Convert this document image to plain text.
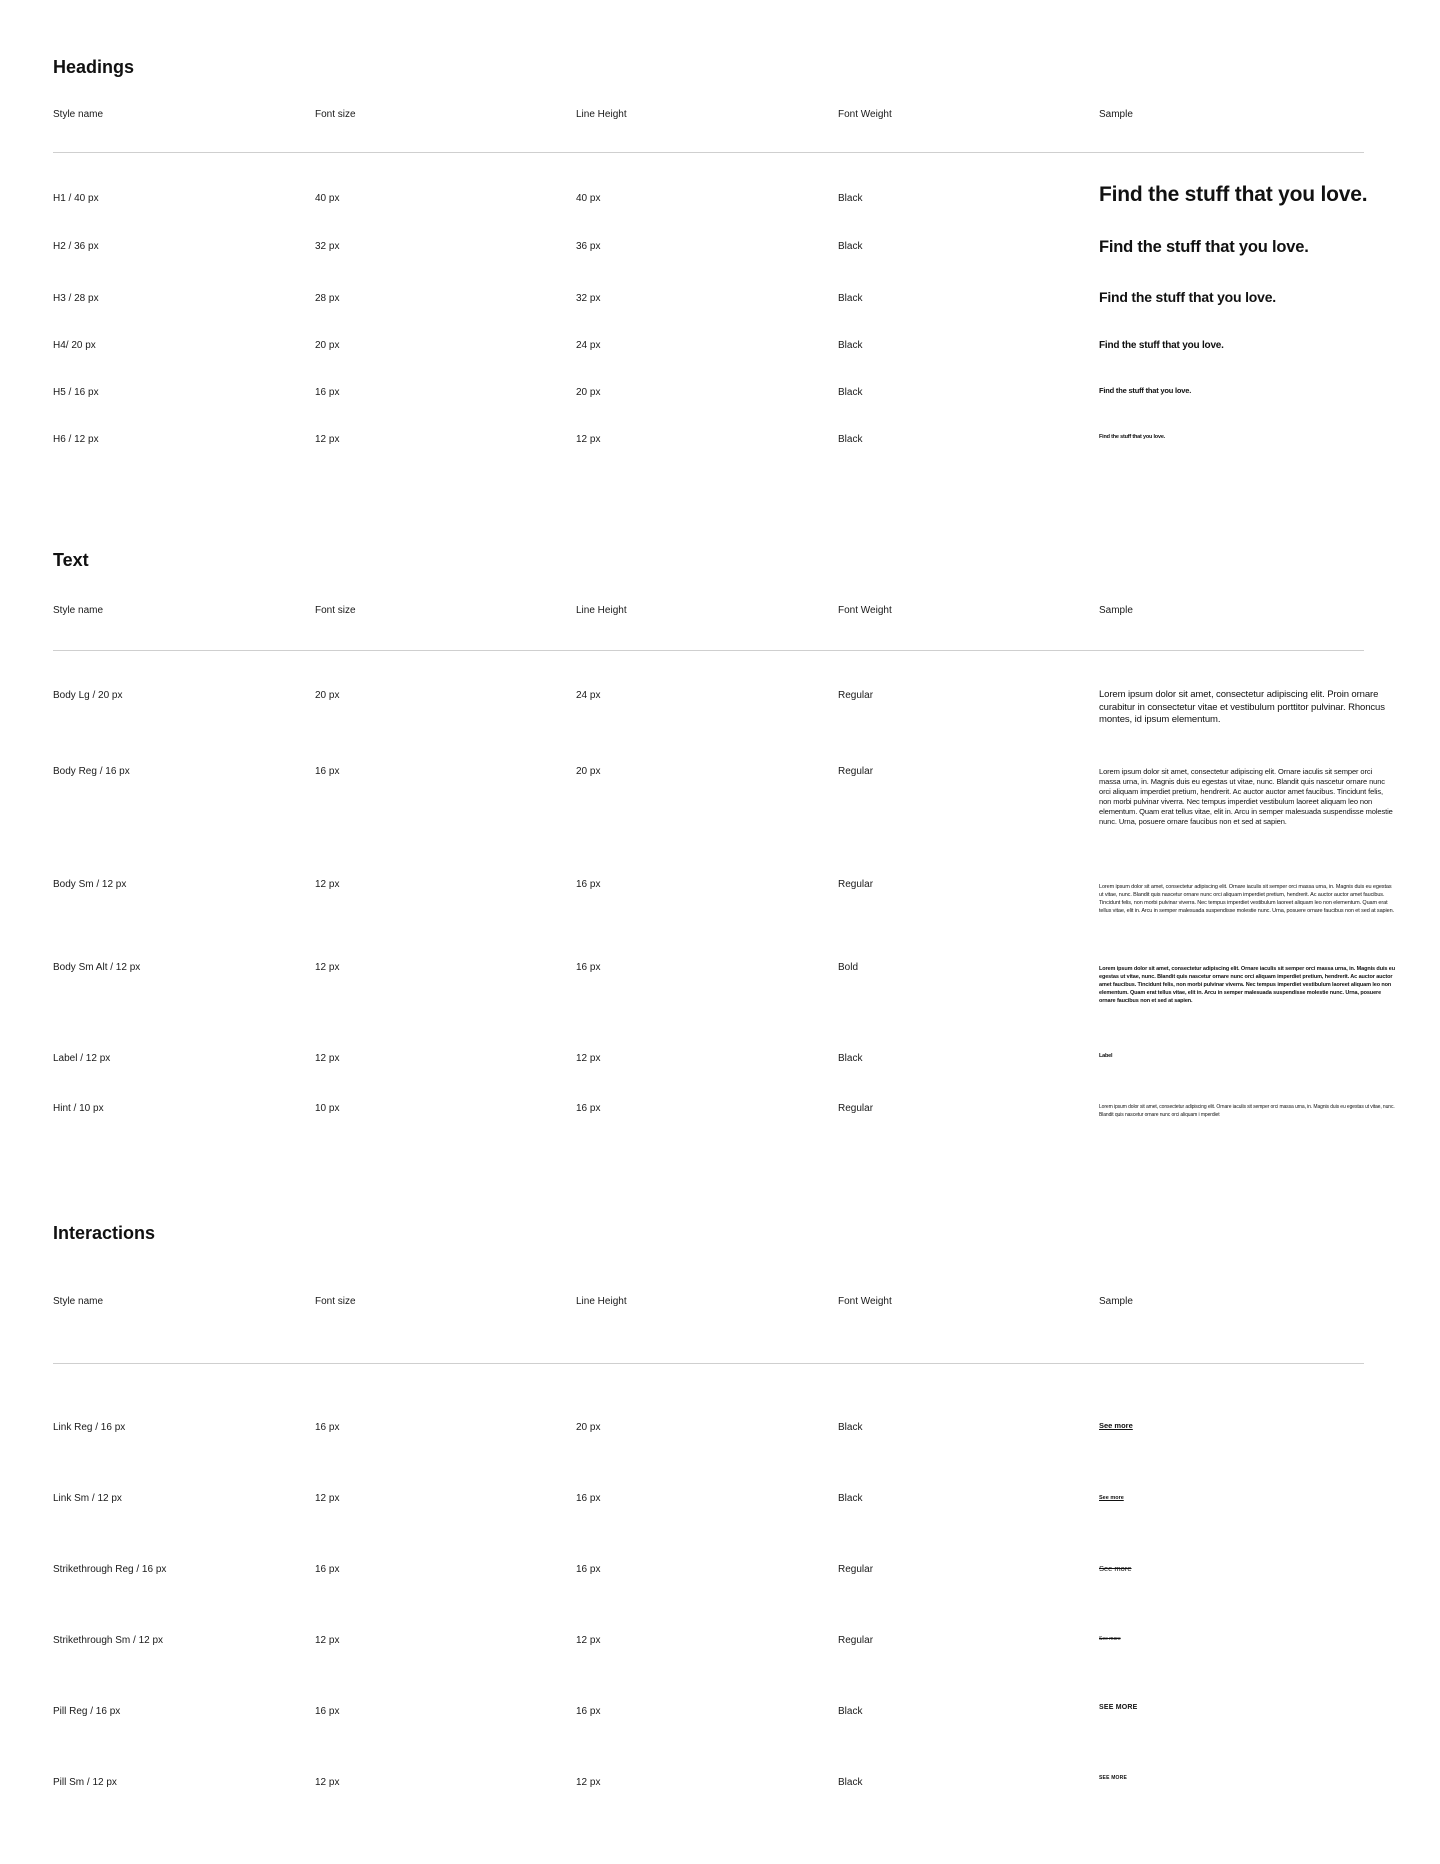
Headings
Style name	Font size	Line Height	Font Weight	Sample
H1 / 40 px	40 px	40 px	Black	Find the stuff that you love.
H2 / 36 px	32 px	36 px	Black	Find the stuff that you love.
H3 / 28 px	28 px	32 px	Black	Find the stuff that you love.
H4/ 20 px	20 px	24 px	Black	Find the stuff that you love.
H5 / 16 px	16 px	20 px	Black	Find the stuff that you love.
H6 / 12 px	12 px	12 px	Black	Find the stuff that you love.
Text
Style name	Font size	Line Height	Font Weight	Sample
Body Lg / 20 px	20 px	24 px	Regular	Lorem ipsum dolor sit amet, consectetur adipiscing elit. Proin ornare curabitur in consectetur vitae et vestibulum porttitor pulvinar. Rhoncus montes, id ipsum elementum.
Body Reg / 16 px	16 px	20 px	Regular	Lorem ipsum dolor sit amet, consectetur adipiscing elit. Ornare iaculis sit semper orci massa urna, in. Magnis duis eu egestas ut vitae, nunc. Blandit quis nascetur ornare nunc orci aliquam imperdiet pretium, hendrerit. Ac auctor auctor amet faucibus. Tincidunt felis, non morbi pulvinar viverra. Nec tempus imperdiet vestibulum laoreet aliquam leo non elementum. Quam erat tellus vitae, elit in. Arcu in semper malesuada suspendisse molestie nunc. Urna, posuere ornare faucibus non et sed at sapien.
Body Sm / 12 px	12 px	16 px	Regular	Lorem ipsum dolor sit amet, consectetur adipiscing elit. Ornare iaculis sit semper orci massa urna, in. Magnis duis eu egestas ut vitae, nunc. Blandit quis nascetur ornare nunc orci aliquam imperdiet pretium, hendrerit. Ac auctor auctor amet faucibus. Tincidunt felis, non morbi pulvinar viverra. Nec tempus imperdiet vestibulum laoreet aliquam leo non elementum. Quam erat tellus vitae, elit in. Arcu in semper malesuada suspendisse molestie nunc. Urna, posuere ornare faucibus non et sed at sapien.
Body Sm Alt / 12 px	12 px	16 px	Bold	Lorem ipsum dolor sit amet, consectetur adipiscing elit. Ornare iaculis sit semper orci massa urna, in. Magnis duis eu egestas ut vitae, nunc. Blandit quis nascetur ornare nunc orci aliquam imperdiet pretium, hendrerit. Ac auctor auctor amet faucibus. Tincidunt felis, non morbi pulvinar viverra. Nec tempus imperdiet vestibulum laoreet aliquam leo non elementum. Quam erat tellus vitae, elit in. Arcu in semper malesuada suspendisse molestie nunc. Urna, posuere ornare faucibus non et sed at sapien.
Label / 12 px	12 px	12 px	Black	Label
Hint / 10 px	10 px	16 px	Regular	Lorem ipsum dolor sit amet, consectetur adipiscing elit. Ornare iaculis sit semper orci massa urna, in. Magnis duis eu egestas ut vitae, nunc. Blandit quis nascetur ornare nunc orci aliquam i mperdiet
Interactions
Style name	Font size	Line Height	Font Weight	Sample
Link Reg / 16 px	16 px	20 px	Black	See more
Link Sm / 12 px	12 px	16 px	Black	See more
Strikethrough Reg / 16 px	16 px	16 px	Regular	See more
Strikethrough Sm / 12 px	12 px	12 px	Regular	See more
Pill Reg / 16 px	16 px	16 px	Black	SEE MORE
Pill Sm / 12 px	12 px	12 px	Black	SEE MORE
